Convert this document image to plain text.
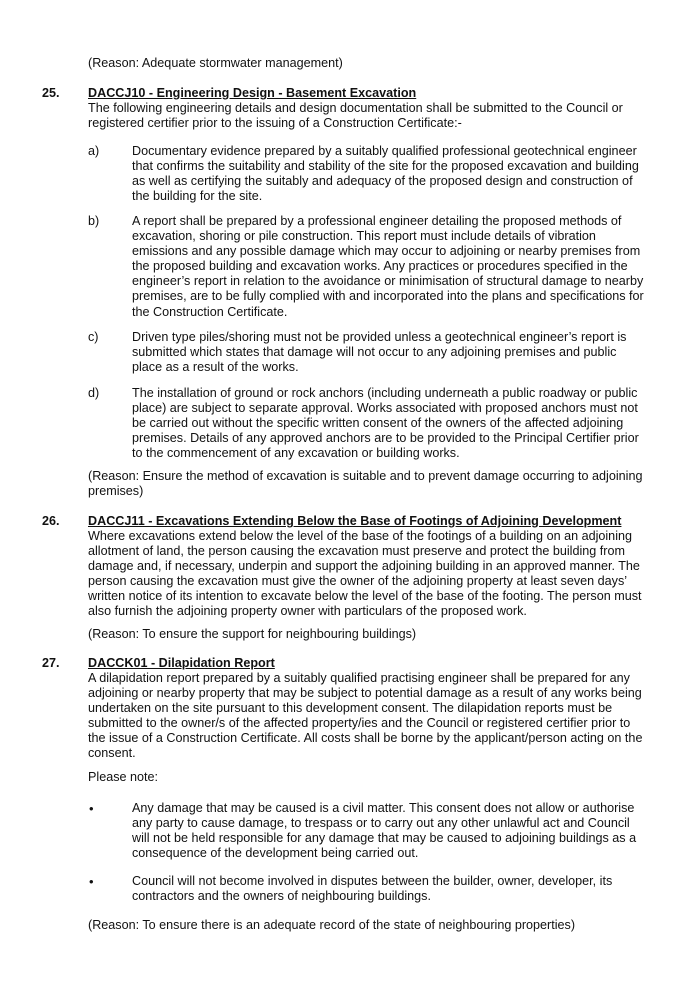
(Reason: Adequate stormwater management)

25. DACCJ10 - Engineering Design - Basement Excavation

The following engineering details and design documentation shall be submitted to the Council or registered certifier prior to the issuing of a Construction Certificate:-

a)	Documentary evidence prepared by a suitably qualified professional geotechnical engineer that confirms the suitability and stability of the site for the proposed excavation and building as well as certifying the suitably and adequacy of the proposed design and construction of the building for the site.

b)	A report shall be prepared by a professional engineer detailing the proposed methods of excavation, shoring or pile construction. This report must include details of vibration emissions and any possible damage which may occur to adjoining or nearby premises from the proposed building and excavation works. Any practices or procedures specified in the engineer’s report in relation to the avoidance or minimisation of structural damage to nearby premises, are to be fully complied with and incorporated into the plans and specifications for the Construction Certificate.

c)	Driven type piles/shoring must not be provided unless a geotechnical engineer’s report is submitted which states that damage will not occur to any adjoining premises and public place as a result of the works.

d)	The installation of ground or rock anchors (including underneath a public roadway or public place) are subject to separate approval. Works associated with proposed anchors must not be carried out without the specific written consent of the owners of the affected adjoining premises. Details of any approved anchors are to be provided to the Principal Certifier prior to the commencement of any excavation or building works.

(Reason: Ensure the method of excavation is suitable and to prevent damage occurring to adjoining premises)

26. DACCJ11 - Excavations Extending Below the Base of Footings of Adjoining Development

Where excavations extend below the level of the base of the footings of a building on an adjoining allotment of land, the person causing the excavation must preserve and protect the building from damage and, if necessary, underpin and support the adjoining building in an approved manner. The person causing the excavation must give the owner of the adjoining property at least seven days’ written notice of its intention to excavate below the level of the base of the footing. The person must also furnish the adjoining property owner with particulars of the proposed work.

(Reason: To ensure the support for neighbouring buildings)

27. DACCK01 - Dilapidation Report

A dilapidation report prepared by a suitably qualified practising engineer shall be prepared for any adjoining or nearby property that may be subject to potential damage as a result of any works being undertaken on the site pursuant to this development consent. The dilapidation reports must be submitted to the owner/s of the affected property/ies and the Council or registered certifier prior to the issue of a Construction Certificate. All costs shall be borne by the applicant/person acting on the consent.

Please note:

•	Any damage that may be caused is a civil matter. This consent does not allow or authorise any party to cause damage, to trespass or to carry out any other unlawful act and Council will not be held responsible for any damage that may be caused to adjoining buildings as a consequence of the development being carried out.

•	Council will not become involved in disputes between the builder, owner, developer, its contractors and the owners of neighbouring buildings.

(Reason: To ensure there is an adequate record of the state of neighbouring properties)
